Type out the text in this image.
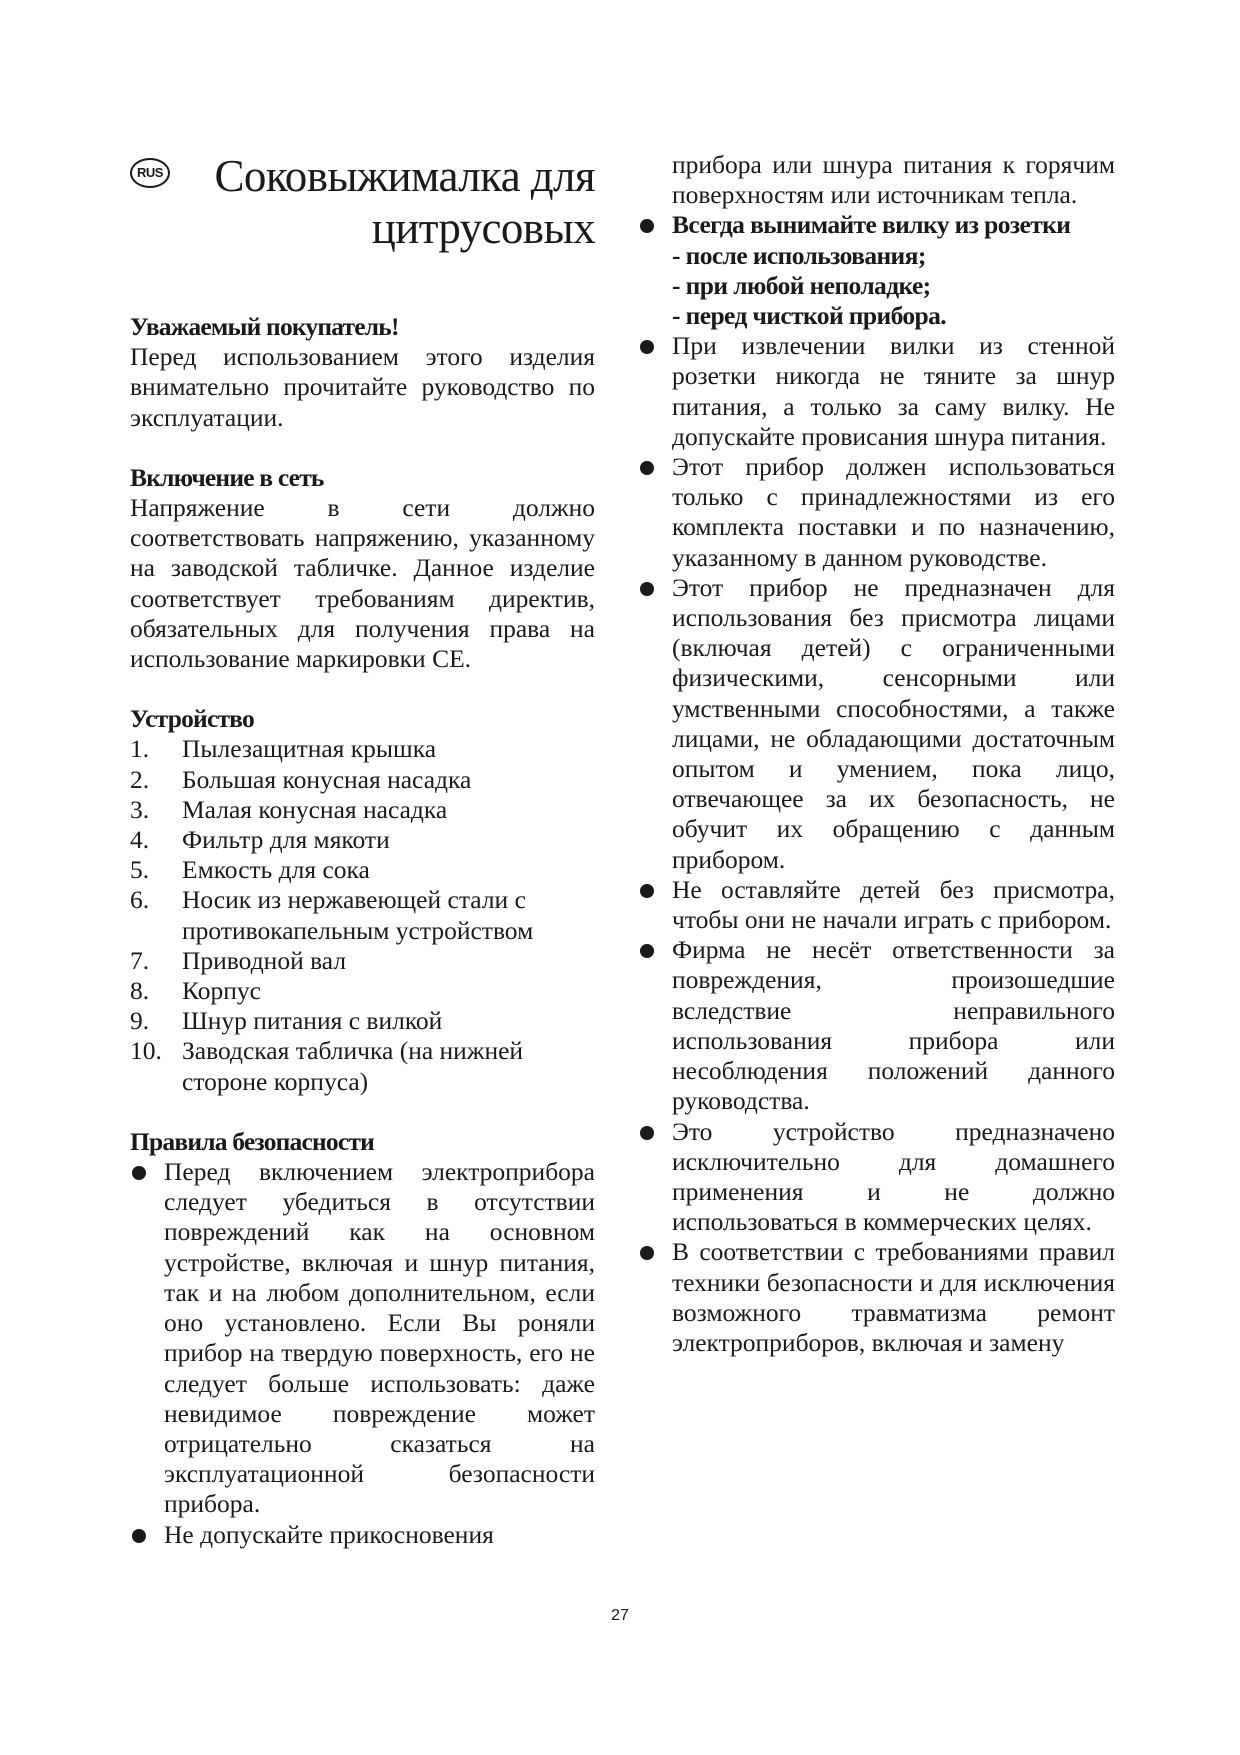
RUS Соковыжималка для
цитрусовых
Уважаемый покупатель!

Перед использованием этого изделия внимательно прочитайте руководство по эксплуатации.

Включение в сеть

Напряжение в сети должно соответствовать напряжению, указанному на заводской табличке. Данное изделие соответствует требованиям директив, обязательных для получения права на использование маркировки СЕ.

Устройство
1. Пылезащитная крышка
2. Большая конусная насадка
3. Малая конусная насадка
4. Фильтр для мякоти
5. Емкость для сока
6. Носик из нержавеющей стали с противокапельным устройством
7. Приводной вал
8. Корпус
9. Шнур питания с вилкой
10. Заводская табличка (на нижней стороне корпуса)
Правила безопасности
Перед включением электроприбора следует убедиться в отсутствии повреждений как на основном устройстве, включая и шнур питания, так и на любом дополнительном, если оно установлено. Если Вы роняли прибор на твердую поверхность, его не следует больше использовать: даже невидимое повреждение может отрицательно сказаться на эксплуатационной безопасности прибора.
Не допускайте прикосновения
прибора или шнура питания к горячим поверхностям или источникам тепла.
Всегда вынимайте вилку из розетки
- после использования;
- при любой неполадке;
- перед чисткой прибора.
При извлечении вилки из стенной розетки никогда не тяните за шнур питания, а только за саму вилку. Не допускайте провисания шнура питания.
Этот прибор должен использоваться только с принадлежностями из его комплекта поставки и по назначению, указанному в данном руководстве.
Этот прибор не предназначен для использования без присмотра лицами (включая детей) с ограниченными физическими, сенсорными или умственными способностями, а также лицами, не обладающими достаточным опытом и умением, пока лицо, отвечающее за их безопасность, не обучит их обращению с данным прибором.
Не оставляйте детей без присмотра, чтобы они не начали играть с прибором.
Фирма не несёт ответственности за повреждения, произошедшие вследствие неправильного использования прибора или несоблюдения положений данного руководства.
Это устройство предназначено исключительно для домашнего применения и не должно использоваться в коммерческих целях.
В соответствии с требованиями правил техники безопасности и для исключения возможного травматизма ремонт электроприборов, включая и замену
27
